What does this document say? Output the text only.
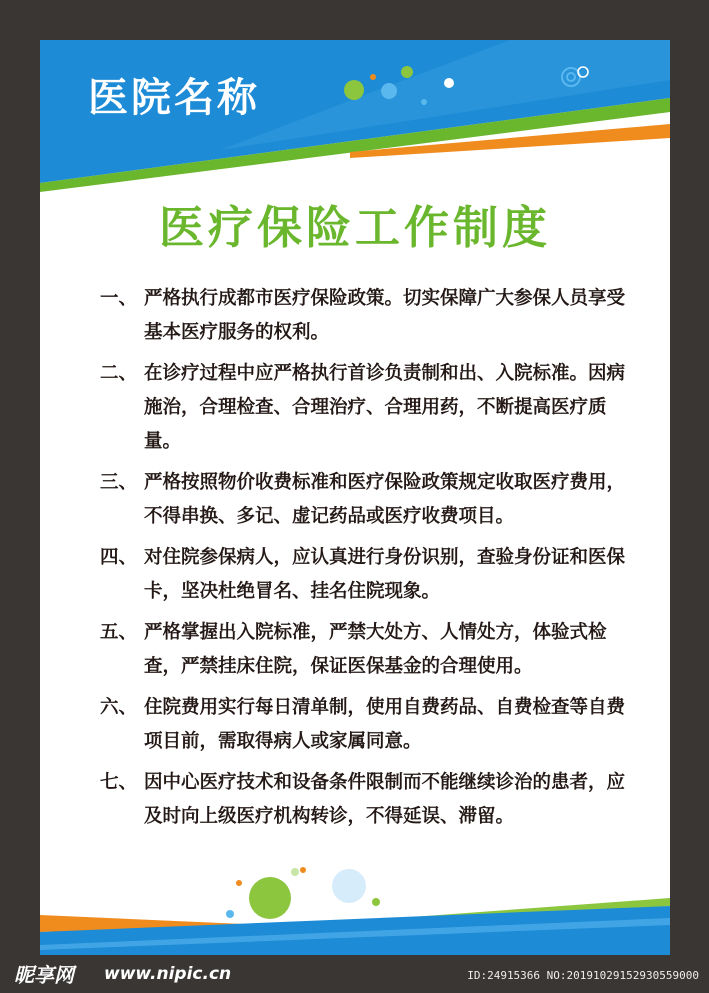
医院名称
医疗保险工作制度
一、 严格执行成都市医疗保险政策。切实保障广大参保人员享受基本医疗服务的权利。
二、 在诊疗过程中应严格执行首诊负责制和出、入院标准。因病施治，合理检查、合理治疗、合理用药，不断提高医疗质量。
三、 严格按照物价收费标准和医疗保险政策规定收取医疗费用，不得串换、多记、虚记药品或医疗收费项目。
四、 对住院参保病人，应认真进行身份识别，查验身份证和医保卡，坚决杜绝冒名、挂名住院现象。
五、 严格掌握出入院标准，严禁大处方、人情处方，体验式检查，严禁挂床住院，保证医保基金的合理使用。
六、 住院费用实行每日清单制，使用自费药品、自费检查等自费项目前，需取得病人或家属同意。
七、 因中心医疗技术和设备条件限制而不能继续诊治的患者，应及时向上级医疗机构转诊，不得延误、滞留。
昵享网 www.nipic.cn	ID:24915366 NO:20191029152930559000
